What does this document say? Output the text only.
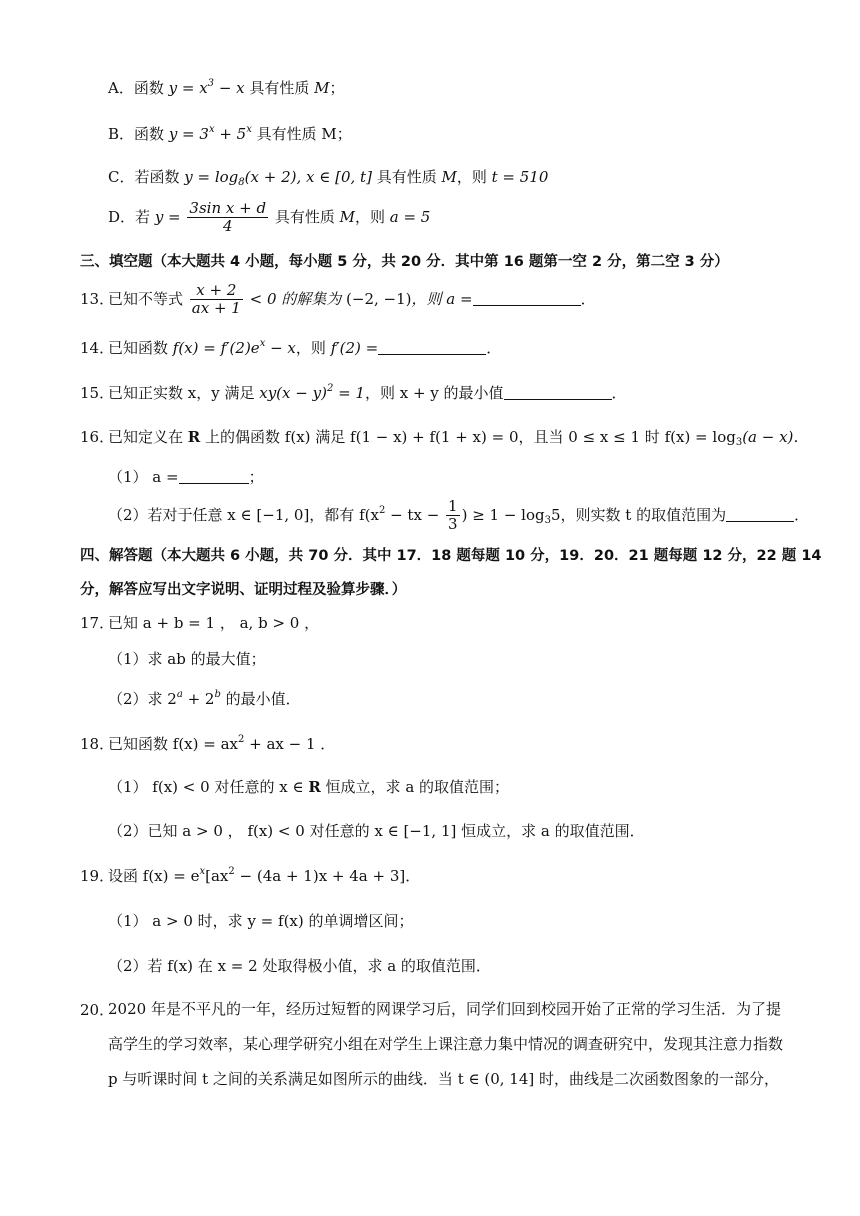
A．函数 $y = x^3 - x$ 具有性质 M；
B．函数 $y = 3^x + 5^x$ 具有性质 M；
C．若函数 $y = \log_8(x + 2)$, x ∈ [0, t] 具有性质 M，则 t = 510
D．若 $y = \frac{\text{3sin x + d}}{4}$ 具有性质 M，则 a = 5
三、填空题（本大题共 4 小题，每小题 5 分，共 20 分．其中第 16 题第一空 2 分，第二空 3 分）
13．已知不等式 $\frac{x + 2}{ax + 1} < 0$ 的解集为 (−2, −1)，则 a =	．
14．已知函数 $f(x) = f'(2)e^x - x$，则 f′(2) =	．
15．已知正实数 x，y 满足 $xy(x - y)^2 = 1$，则 x + y 的最小值	．
16．已知定义在 R 上的偶函数 f(x) 满足 f(1 − x) + f(1 + x) = 0，且当 0 ≤ x ≤ 1 时 $f(x) = \log_3(a - x)$．
（1） a =	；
（2）若对于任意 x ∈ [−1, 0]，都有 $f(x^2$ − tx − $\frac{1}{3}$ ) ≥ $1 - \log_35$，则实数 t 的取值范围为	．
四、解答题（本大题共 6 小题，共 70 分．其中 17．18 题每题 10 分，19．20．21 题每题 12 分，22 题 14
分，解答应写出文字说明、证明过程及验算步骤．）
17．已知 a + b = 1 ， a, b > 0 ，
（1）求 ab 的最大值；
（2）求 $2^a + 2^b$ 的最小值．
18．已知函数 $f(x) = ax^2$ + ax − 1 ．
（1） f(x) < 0 对任意的 x ∈ R 恒成立，求 a 的取值范围；
（2）已知 a > 0 ， f(x) < 0 对任意的 x ∈ [−1, 1] 恒成立，求 a 的取值范围．
19．设函 $f(x) = e^x[ax^2 - (4a + 1)x + 4a + 3]$．
（1） a > 0 时，求 y = f(x) 的单调增区间；
（2）若 f(x) 在 x = 2 处取得极小值，求 a 的取值范围．
20．
2020 年是不平凡的一年，经历过短暂的网课学习后，同学们回到校园开始了正常的学习生活．为了提高学生的学习效率，某心理学研究小组在对学生上课注意力集中情况的调查研究中，发现其注意力指数 p 与听课时间 t 之间的关系满足如图所示的曲线．当 t ∈ (0, 14] 时，曲线是二次函数图象的一部分，
